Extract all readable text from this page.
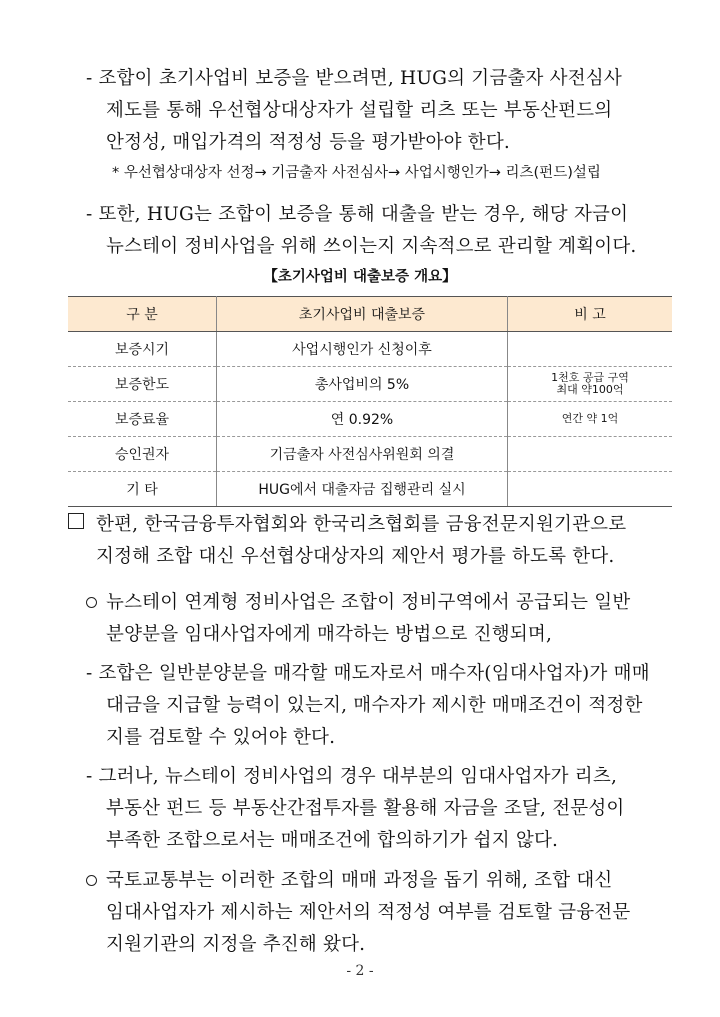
- 조합이 초기사업비 보증을 받으려면, HUG의 기금출자 사전심사
제도를 통해 우선협상대상자가 설립할 리츠 또는 부동산펀드의
안정성, 매입가격의 적정성 등을 평가받아야 한다.
* 우선협상대상자 선정→ 기금출자 사전심사→ 사업시행인가→ 리츠(펀드)설립
- 또한, HUG는 조합이 보증을 통해 대출을 받는 경우, 해당 자금이
뉴스테이 정비사업을 위해 쓰이는지 지속적으로 관리할 계획이다.
【초기사업비 대출보증 개요】
구 분	초기사업비 대출보증	비 고
보증시기	사업시행인가 신청이후	
보증한도	총사업비의 5%	1천호 공급 구역
최대 약100억

보증료율	연 0.92%	연간 약 1억
승인권자	기금출자 사전심사위원회 의결	
기 타	HUG에서 대출자금 집행관리 실시	
한편, 한국금융투자협회와 한국리츠협회를 금융전문지원기관으로
지정해 조합 대신 우선협상대상자의 제안서 평가를 하도록 한다.
뉴스테이 연계형 정비사업은 조합이 정비구역에서 공급되는 일반
분양분을 임대사업자에게 매각하는 방법으로 진행되며,
- 조합은 일반분양분을 매각할 매도자로서 매수자(임대사업자)가 매매
대금을 지급할 능력이 있는지, 매수자가 제시한 매매조건이 적정한
지를 검토할 수 있어야 한다.
- 그러나, 뉴스테이 정비사업의 경우 대부분의 임대사업자가 리츠,
부동산 펀드 등 부동산간접투자를 활용해 자금을 조달, 전문성이
부족한 조합으로서는 매매조건에 합의하기가 쉽지 않다.
국토교통부는 이러한 조합의 매매 과정을 돕기 위해, 조합 대신
임대사업자가 제시하는 제안서의 적정성 여부를 검토할 금융전문
지원기관의 지정을 추진해 왔다.
- 2 -
